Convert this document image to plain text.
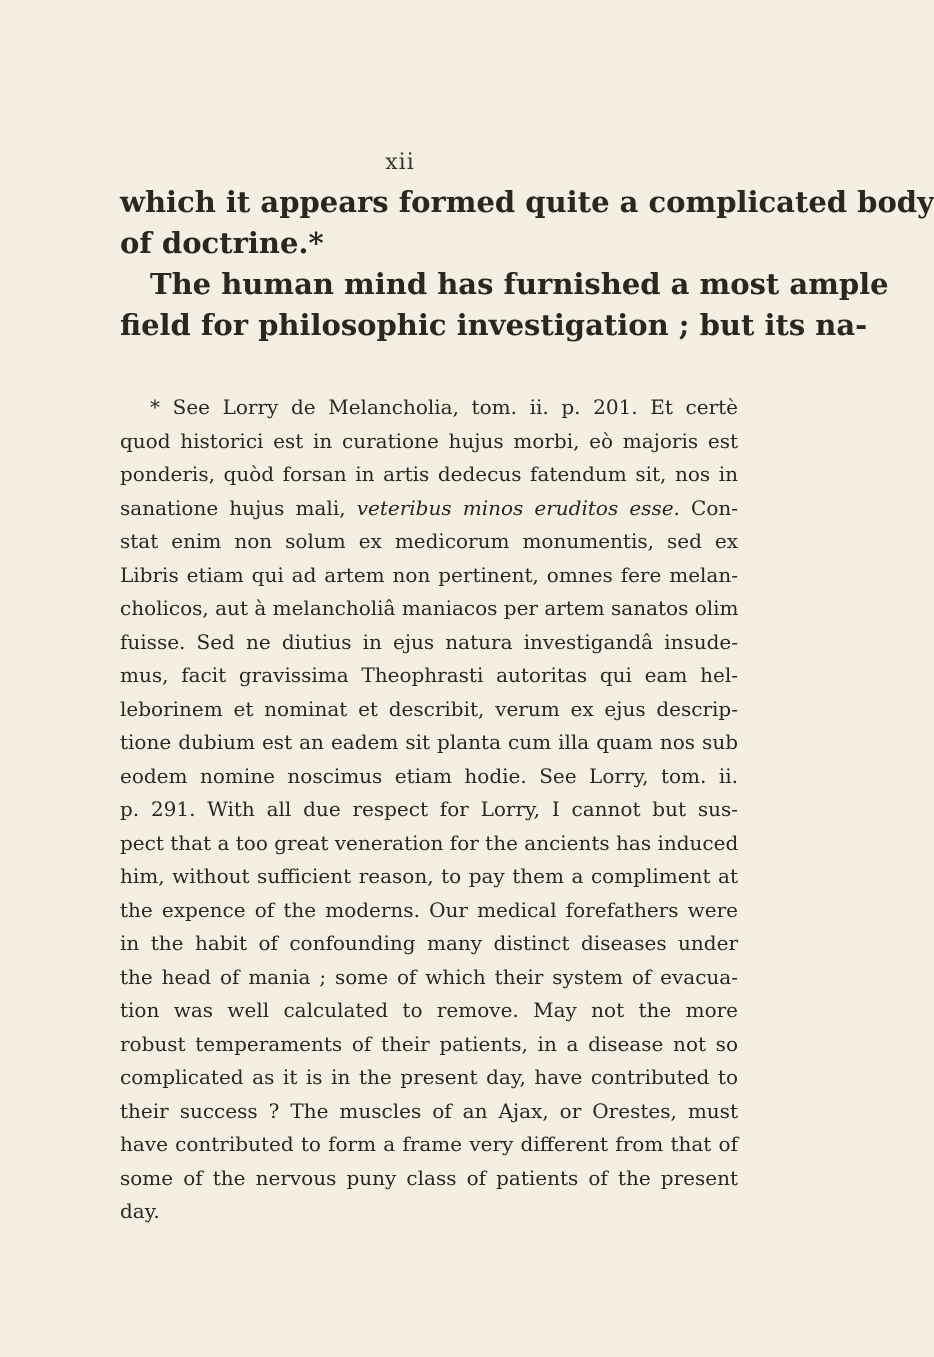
xii
which it appears formed quite a complicated body
of doctrine.*
The human mind has furnished a most ample
field for philosophic investigation ; but its na-
* See Lorry de Melancholia, tom. ii. p. 201. Et certè
quod historici est in curatione hujus morbi, eò majoris est
ponderis, quòd forsan in artis dedecus fatendum sit, nos in
sanatione hujus mali, veteribus minos eruditos esse. Con-
stat enim non solum ex medicorum monumentis, sed ex
Libris etiam qui ad artem non pertinent, omnes fere melan-
cholicos, aut à melancholiâ maniacos per artem sanatos olim
fuisse. Sed ne diutius in ejus natura investigandâ insude-
mus, facit gravissima Theophrasti autoritas qui eam hel-
leborinem et nominat et describit, verum ex ejus descrip-
tione dubium est an eadem sit planta cum illa quam nos sub
eodem nomine noscimus etiam hodie. See Lorry, tom. ii.
p. 291. With all due respect for Lorry, I cannot but sus-
pect that a too great veneration for the ancients has induced
him, without sufficient reason, to pay them a compliment at
the expence of the moderns. Our medical forefathers were
in the habit of confounding many distinct diseases under
the head of mania ; some of which their system of evacua-
tion was well calculated to remove. May not the more
robust temperaments of their patients, in a disease not so
complicated as it is in the present day, have contributed to
their success ? The muscles of an Ajax, or Orestes, must
have contributed to form a frame very different from that of
some of the nervous puny class of patients of the present
day.
